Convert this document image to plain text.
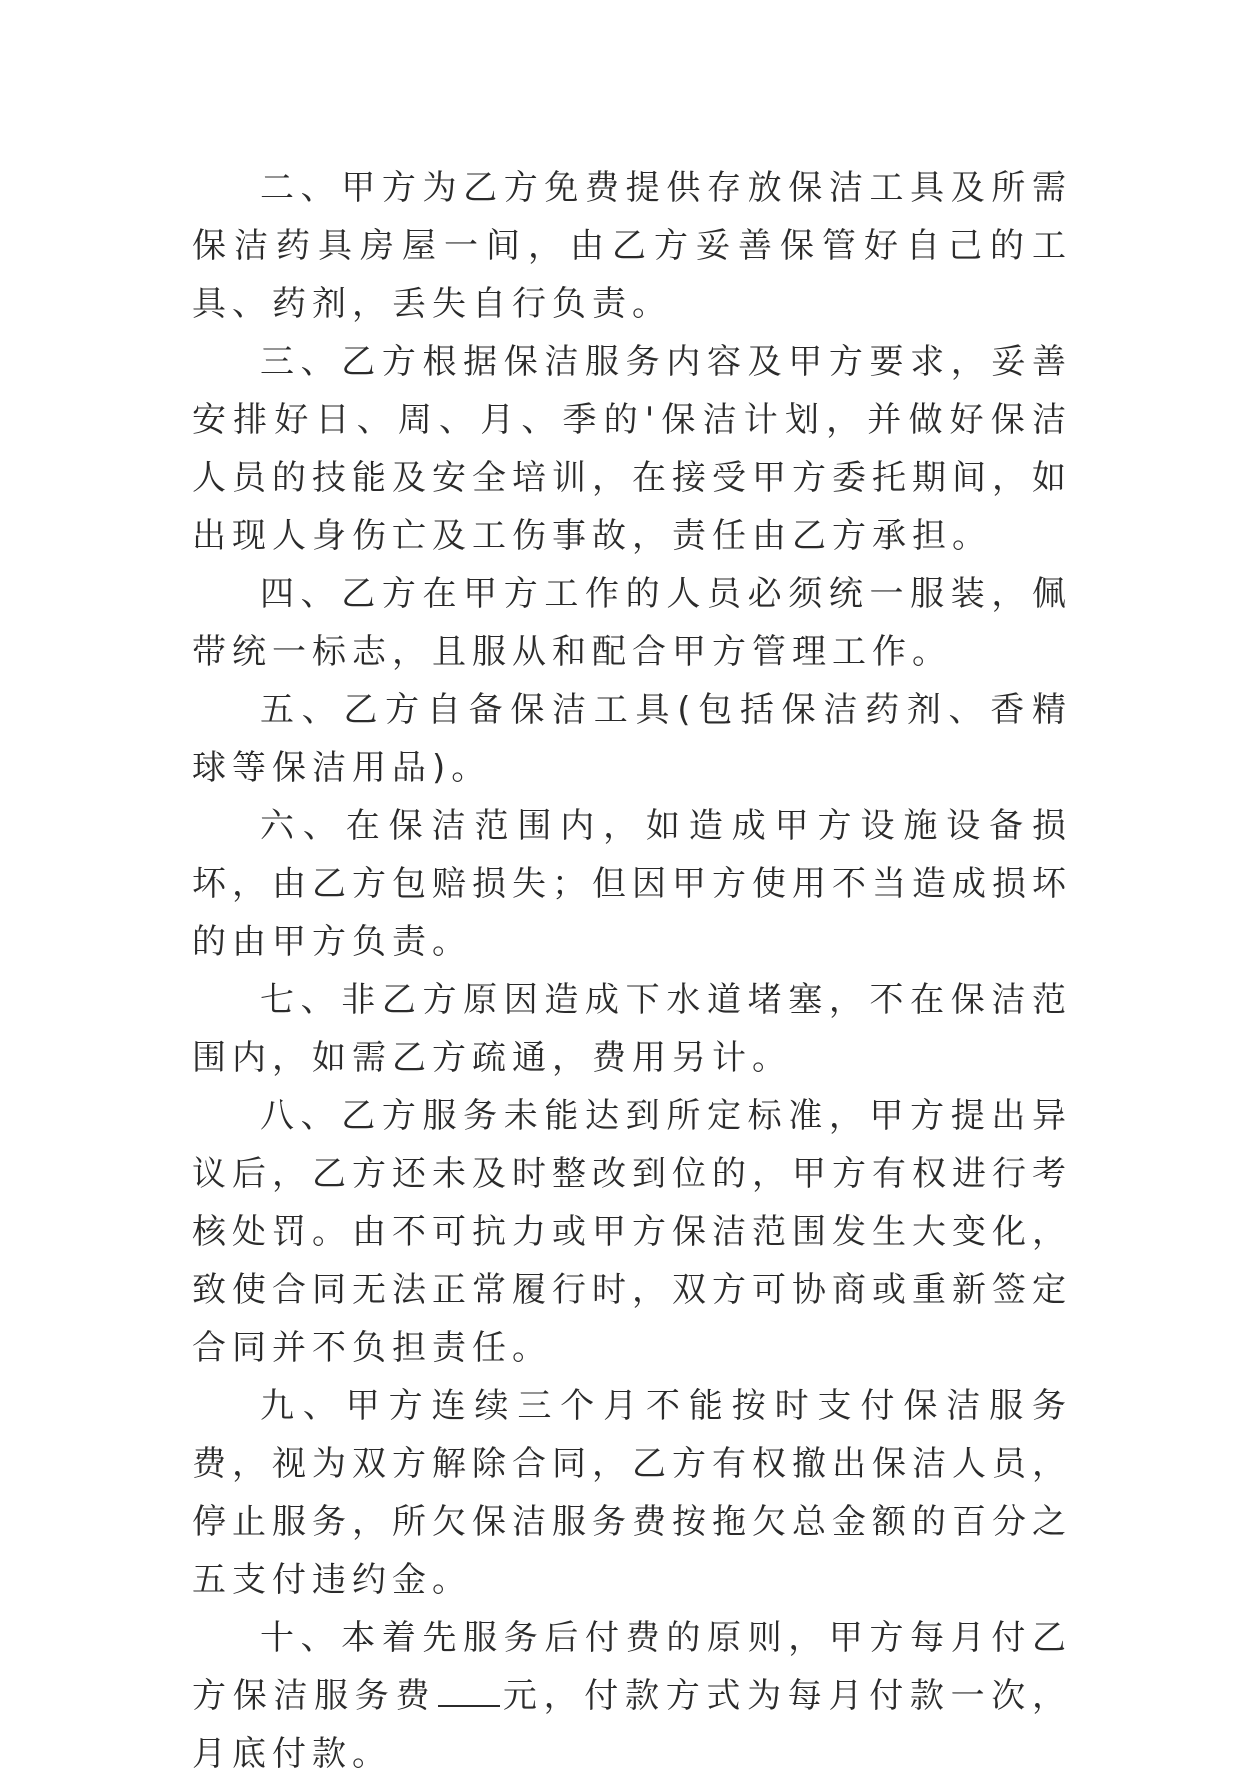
二、甲方为乙方免费提供存放保洁工具及所需保洁药具房屋一间，由乙方妥善保管好自己的工具、药剂，丢失自行负责。

三、乙方根据保洁服务内容及甲方要求，妥善安排好日、周、月、季的'保洁计划，并做好保洁人员的技能及安全培训，在接受甲方委托期间，如出现人身伤亡及工伤事故，责任由乙方承担。

四、乙方在甲方工作的人员必须统一服装，佩带统一标志，且服从和配合甲方管理工作。

五、乙方自备保洁工具(包括保洁药剂、香精球等保洁用品)。

六、在保洁范围内，如造成甲方设施设备损坏，由乙方包赔损失；但因甲方使用不当造成损坏的由甲方负责。

七、非乙方原因造成下水道堵塞，不在保洁范围内，如需乙方疏通，费用另计。

八、乙方服务未能达到所定标准，甲方提出异议后，乙方还未及时整改到位的，甲方有权进行考核处罚。由不可抗力或甲方保洁范围发生大变化，致使合同无法正常履行时，双方可协商或重新签定合同并不负担责任。

九、甲方连续三个月不能按时支付保洁服务费，视为双方解除合同，乙方有权撤出保洁人员，停止服务，所欠保洁服务费按拖欠总金额的百分之五支付违约金。

十、本着先服务后付费的原则，甲方每月付乙方保洁服务费 元，付款方式为每月付款一次，月底付款。
